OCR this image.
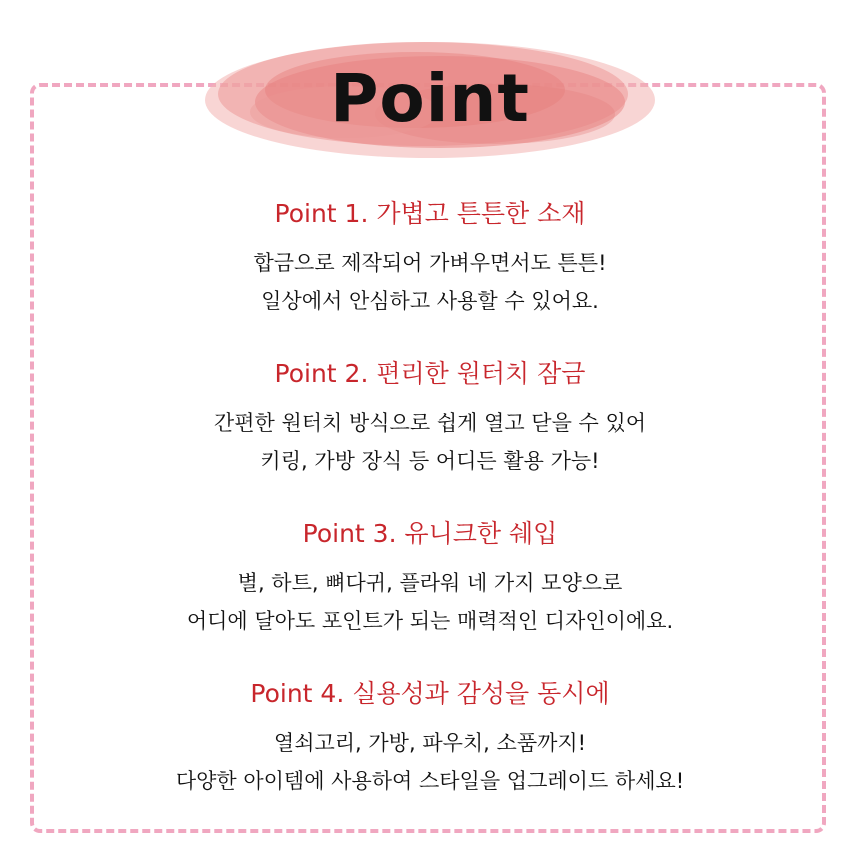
Point
Point 1. 가볍고 튼튼한 소재
합금으로 제작되어 가벼우면서도 튼튼!
일상에서 안심하고 사용할 수 있어요.
Point 2. 편리한 원터치 잠금
간편한 원터치 방식으로 쉽게 열고 닫을 수 있어
키링, 가방 장식 등 어디든 활용 가능!
Point 3. 유니크한 쉐입
별, 하트, 뼈다귀, 플라워 네 가지 모양으로
어디에 달아도 포인트가 되는 매력적인 디자인이에요.
Point 4. 실용성과 감성을 동시에
열쇠고리, 가방, 파우치, 소품까지!
다양한 아이템에 사용하여 스타일을 업그레이드 하세요!
